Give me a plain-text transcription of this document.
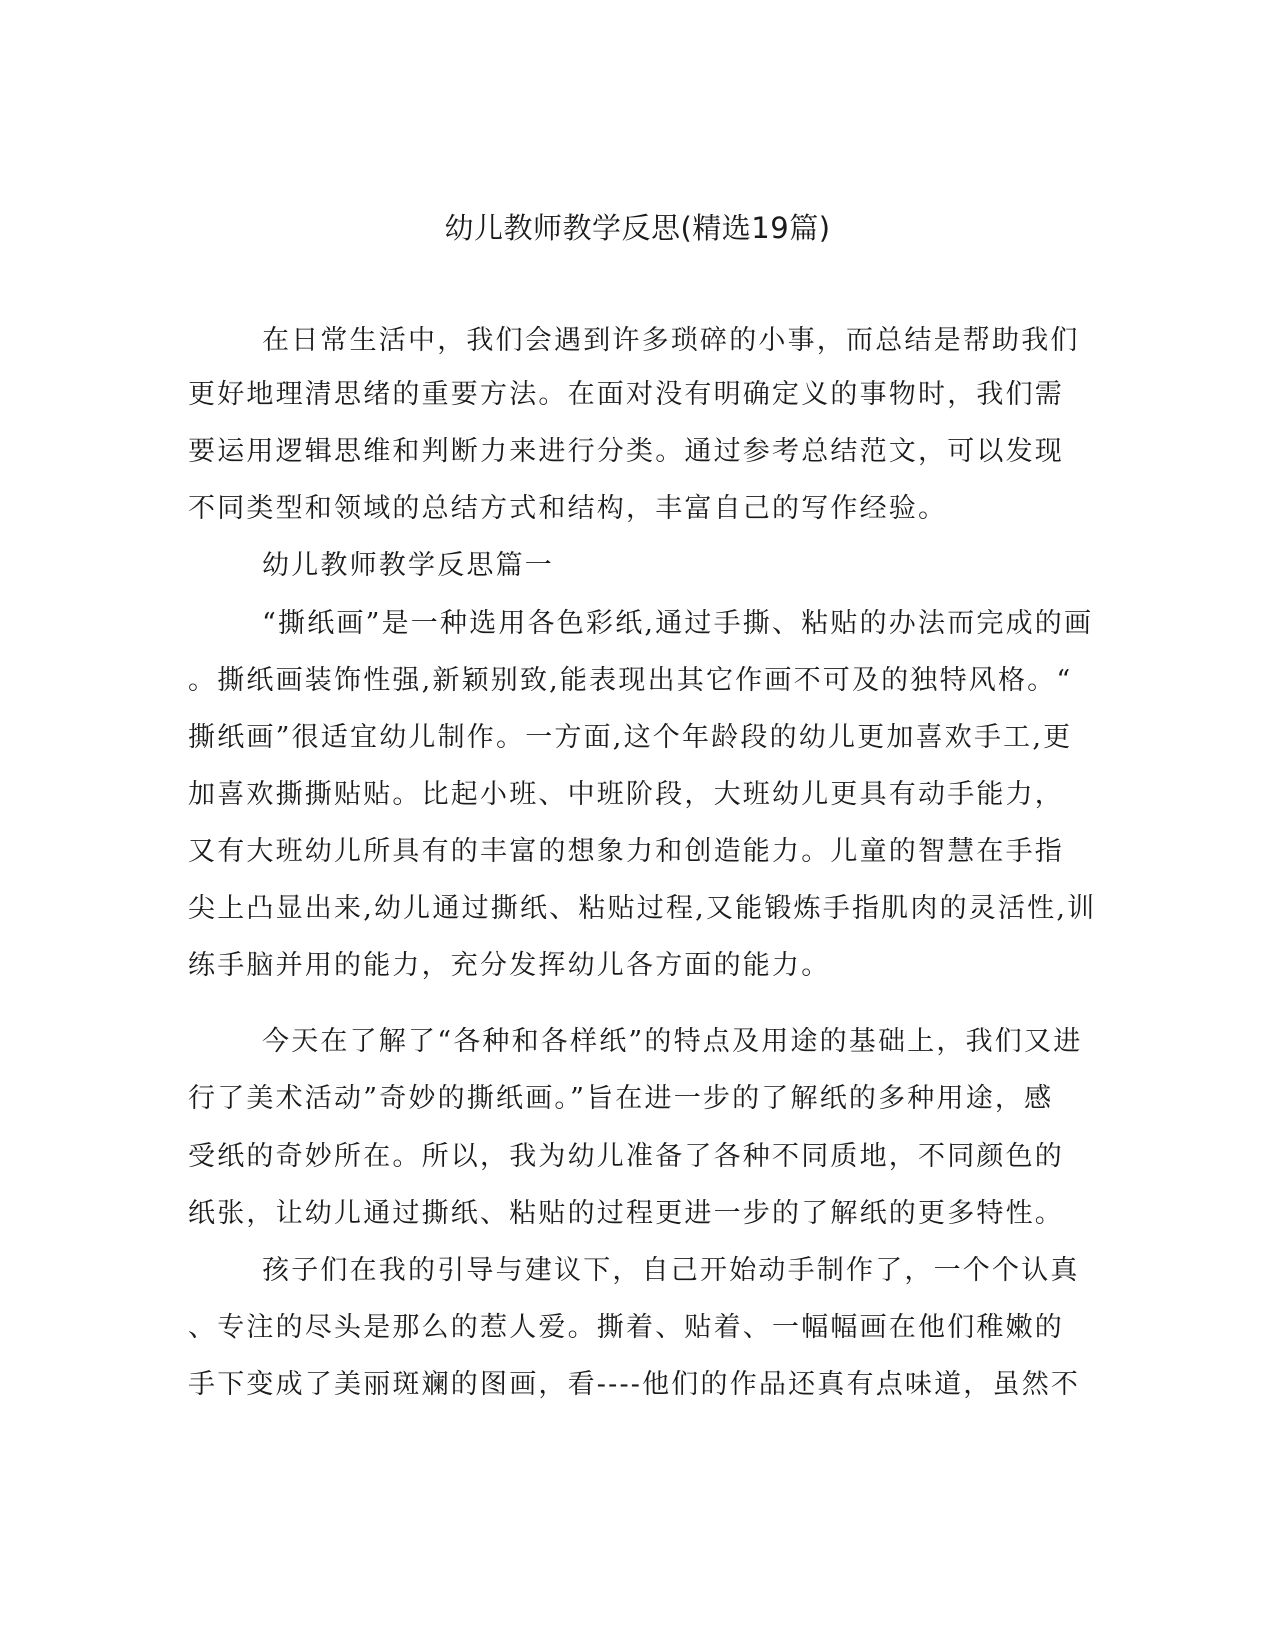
幼儿教师教学反思(精选19篇)
在日常生活中，我们会遇到许多琐碎的小事，而总结是帮助我们
更好地理清思绪的重要方法。在面对没有明确定义的事物时，我们需
要运用逻辑思维和判断力来进行分类。通过参考总结范文，可以发现
不同类型和领域的总结方式和结构，丰富自己的写作经验。
幼儿教师教学反思篇一
“撕纸画”是一种选用各色彩纸,通过手撕、粘贴的办法而完成的画
。撕纸画装饰性强,新颖别致,能表现出其它作画不可及的独特风格。“
撕纸画”很适宜幼儿制作。一方面,这个年龄段的幼儿更加喜欢手工,更
加喜欢撕撕贴贴。比起小班、中班阶段，大班幼儿更具有动手能力，
又有大班幼儿所具有的丰富的想象力和创造能力。儿童的智慧在手指
尖上凸显出来,幼儿通过撕纸、粘贴过程,又能锻炼手指肌肉的灵活性,训
练手脑并用的能力，充分发挥幼儿各方面的能力。
今天在了解了“各种和各样纸”的特点及用途的基础上，我们又进
行了美术活动”奇妙的撕纸画。”旨在进一步的了解纸的多种用途，感
受纸的奇妙所在。所以，我为幼儿准备了各种不同质地，不同颜色的
纸张，让幼儿通过撕纸、粘贴的过程更进一步的了解纸的更多特性。
孩子们在我的引导与建议下，自己开始动手制作了，一个个认真
、专注的尽头是那么的惹人爱。撕着、贴着、一幅幅画在他们稚嫩的
手下变成了美丽斑斓的图画，看----他们的作品还真有点味道，虽然不
